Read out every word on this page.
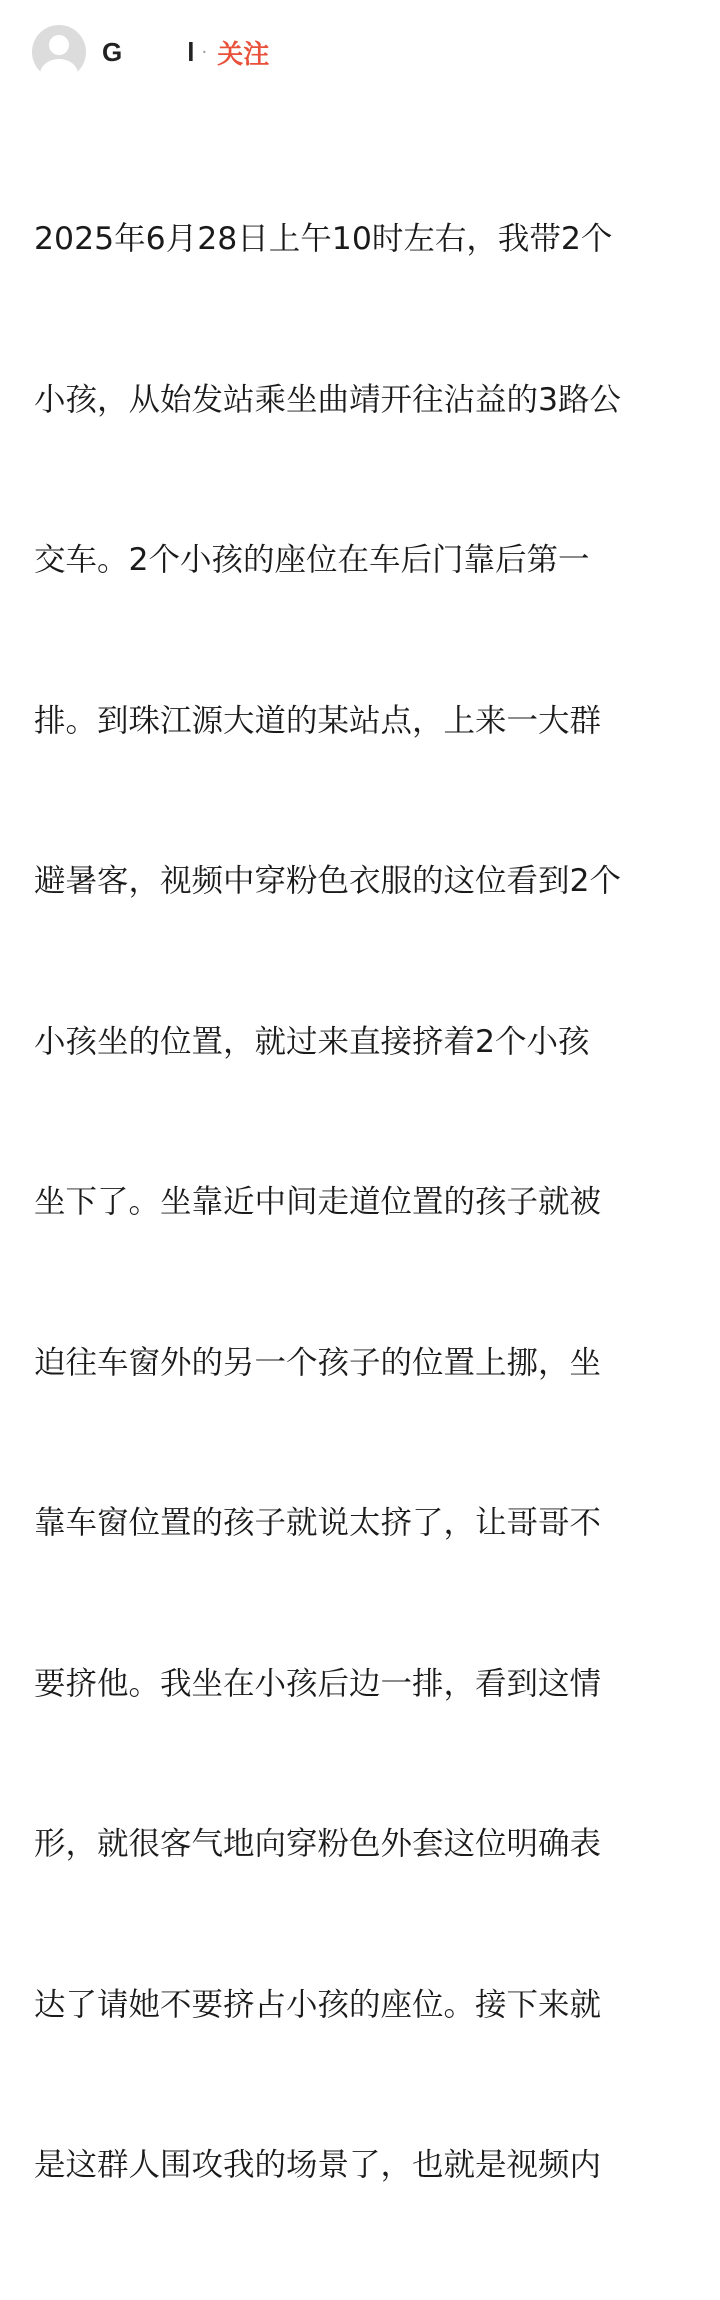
G l · 关注

2025年6月28日上午10时左右，我带2个

小孩，从始发站乘坐曲靖开往沾益的3路公

交车。2个小孩的座位在车后门靠后第一

排。到珠江源大道的某站点，上来一大群

避暑客，视频中穿粉色衣服的这位看到2个

小孩坐的位置，就过来直接挤着2个小孩

坐下了。坐靠近中间走道位置的孩子就被

迫往车窗外的另一个孩子的位置上挪，坐

靠车窗位置的孩子就说太挤了，让哥哥不

要挤他。我坐在小孩后边一排，看到这情

形，就很客气地向穿粉色外套这位明确表

达了请她不要挤占小孩的座位。接下来就

是这群人围攻我的场景了，也就是视频内
